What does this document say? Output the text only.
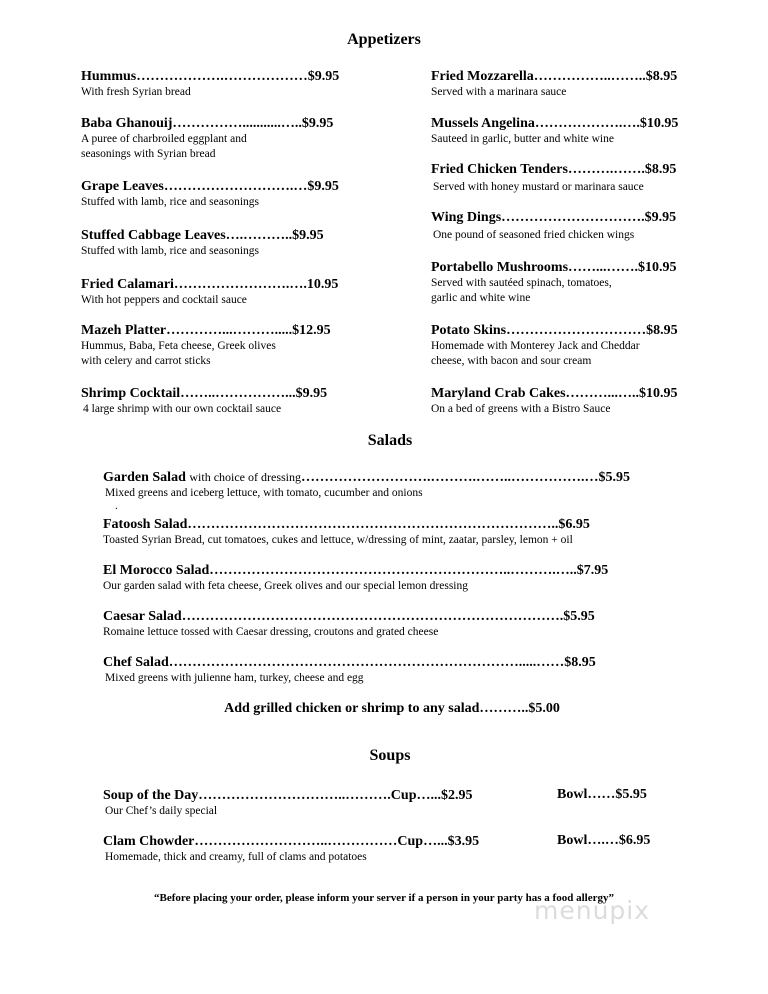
Appetizers
Hummus……………….………………$9.95
With fresh Syrian bread
Baba Ghanouij……………...........…..$9.95
A puree of charbroiled eggplant and
seasonings with Syrian bread
Grape Leaves……………………….…$9.95
Stuffed with lamb, rice and seasonings
Stuffed Cabbage Leaves….………..$9.95
Stuffed with lamb, rice and seasonings
Fried Calamari…………………….….10.95
With hot peppers and cocktail sauce
Mazeh Platter…………...……….....$12.95
Hummus, Baba, Feta cheese, Greek olives
with celery and carrot sticks
Shrimp Cocktail……..……………...$9.95
4 large shrimp with our own cocktail sauce
Fried Mozzarella……………..……..$8.95
Served with a marinara sauce
Mussels Angelina……………….….$10.95
Sauteed in garlic, butter and white wine
Fried Chicken Tenders……….…….$8.95
Served with honey mustard or marinara sauce
Wing Dings………………………….$9.95
One pound of seasoned fried chicken wings
Portabello Mushrooms……...…….$10.95
Served with sautéed spinach, tomatoes,
garlic and white wine
Potato Skins…………………………$8.95
Homemade with Monterey Jack and Cheddar
cheese, with bacon and sour cream
Maryland Crab Cakes………...…..$10.95
On a bed of greens with a Bistro Sauce
Salads
Garden Salad with choice of dressing……………………….……….……..…………….…$5.95
Mixed greens and iceberg lettuce, with tomato, cucumber and onions
.
Fatoosh Salad……………………………………………………………………..$6.95
Toasted Syrian Bread, cut tomatoes, cukes and lettuce, w/dressing of mint, zaatar, parsley, lemon + oil
El Morocco Salad………………………………………………………..……….…..$7.95
Our garden salad with feta cheese, Greek olives and our special lemon dressing
Caesar Salad……………………………………………………………………….$5.95
Romaine lettuce tossed with Caesar dressing, croutons and grated cheese
Chef Salad………………………………………………………………….....……$8.95
Mixed greens with julienne ham, turkey, cheese and egg
Add grilled chicken or shrimp to any salad………..$5.00
Soups
Soup of the Day…………………………..……….Cup…...$2.95
Our Chef’s daily special
Bowl……$5.95
Clam Chowder………………………..……………Cup…...$3.95
Homemade, thick and creamy, full of clams and potatoes
Bowl….…$6.95
“Before placing your order, please inform your server if a person in your party has a food allergy”
menupix
